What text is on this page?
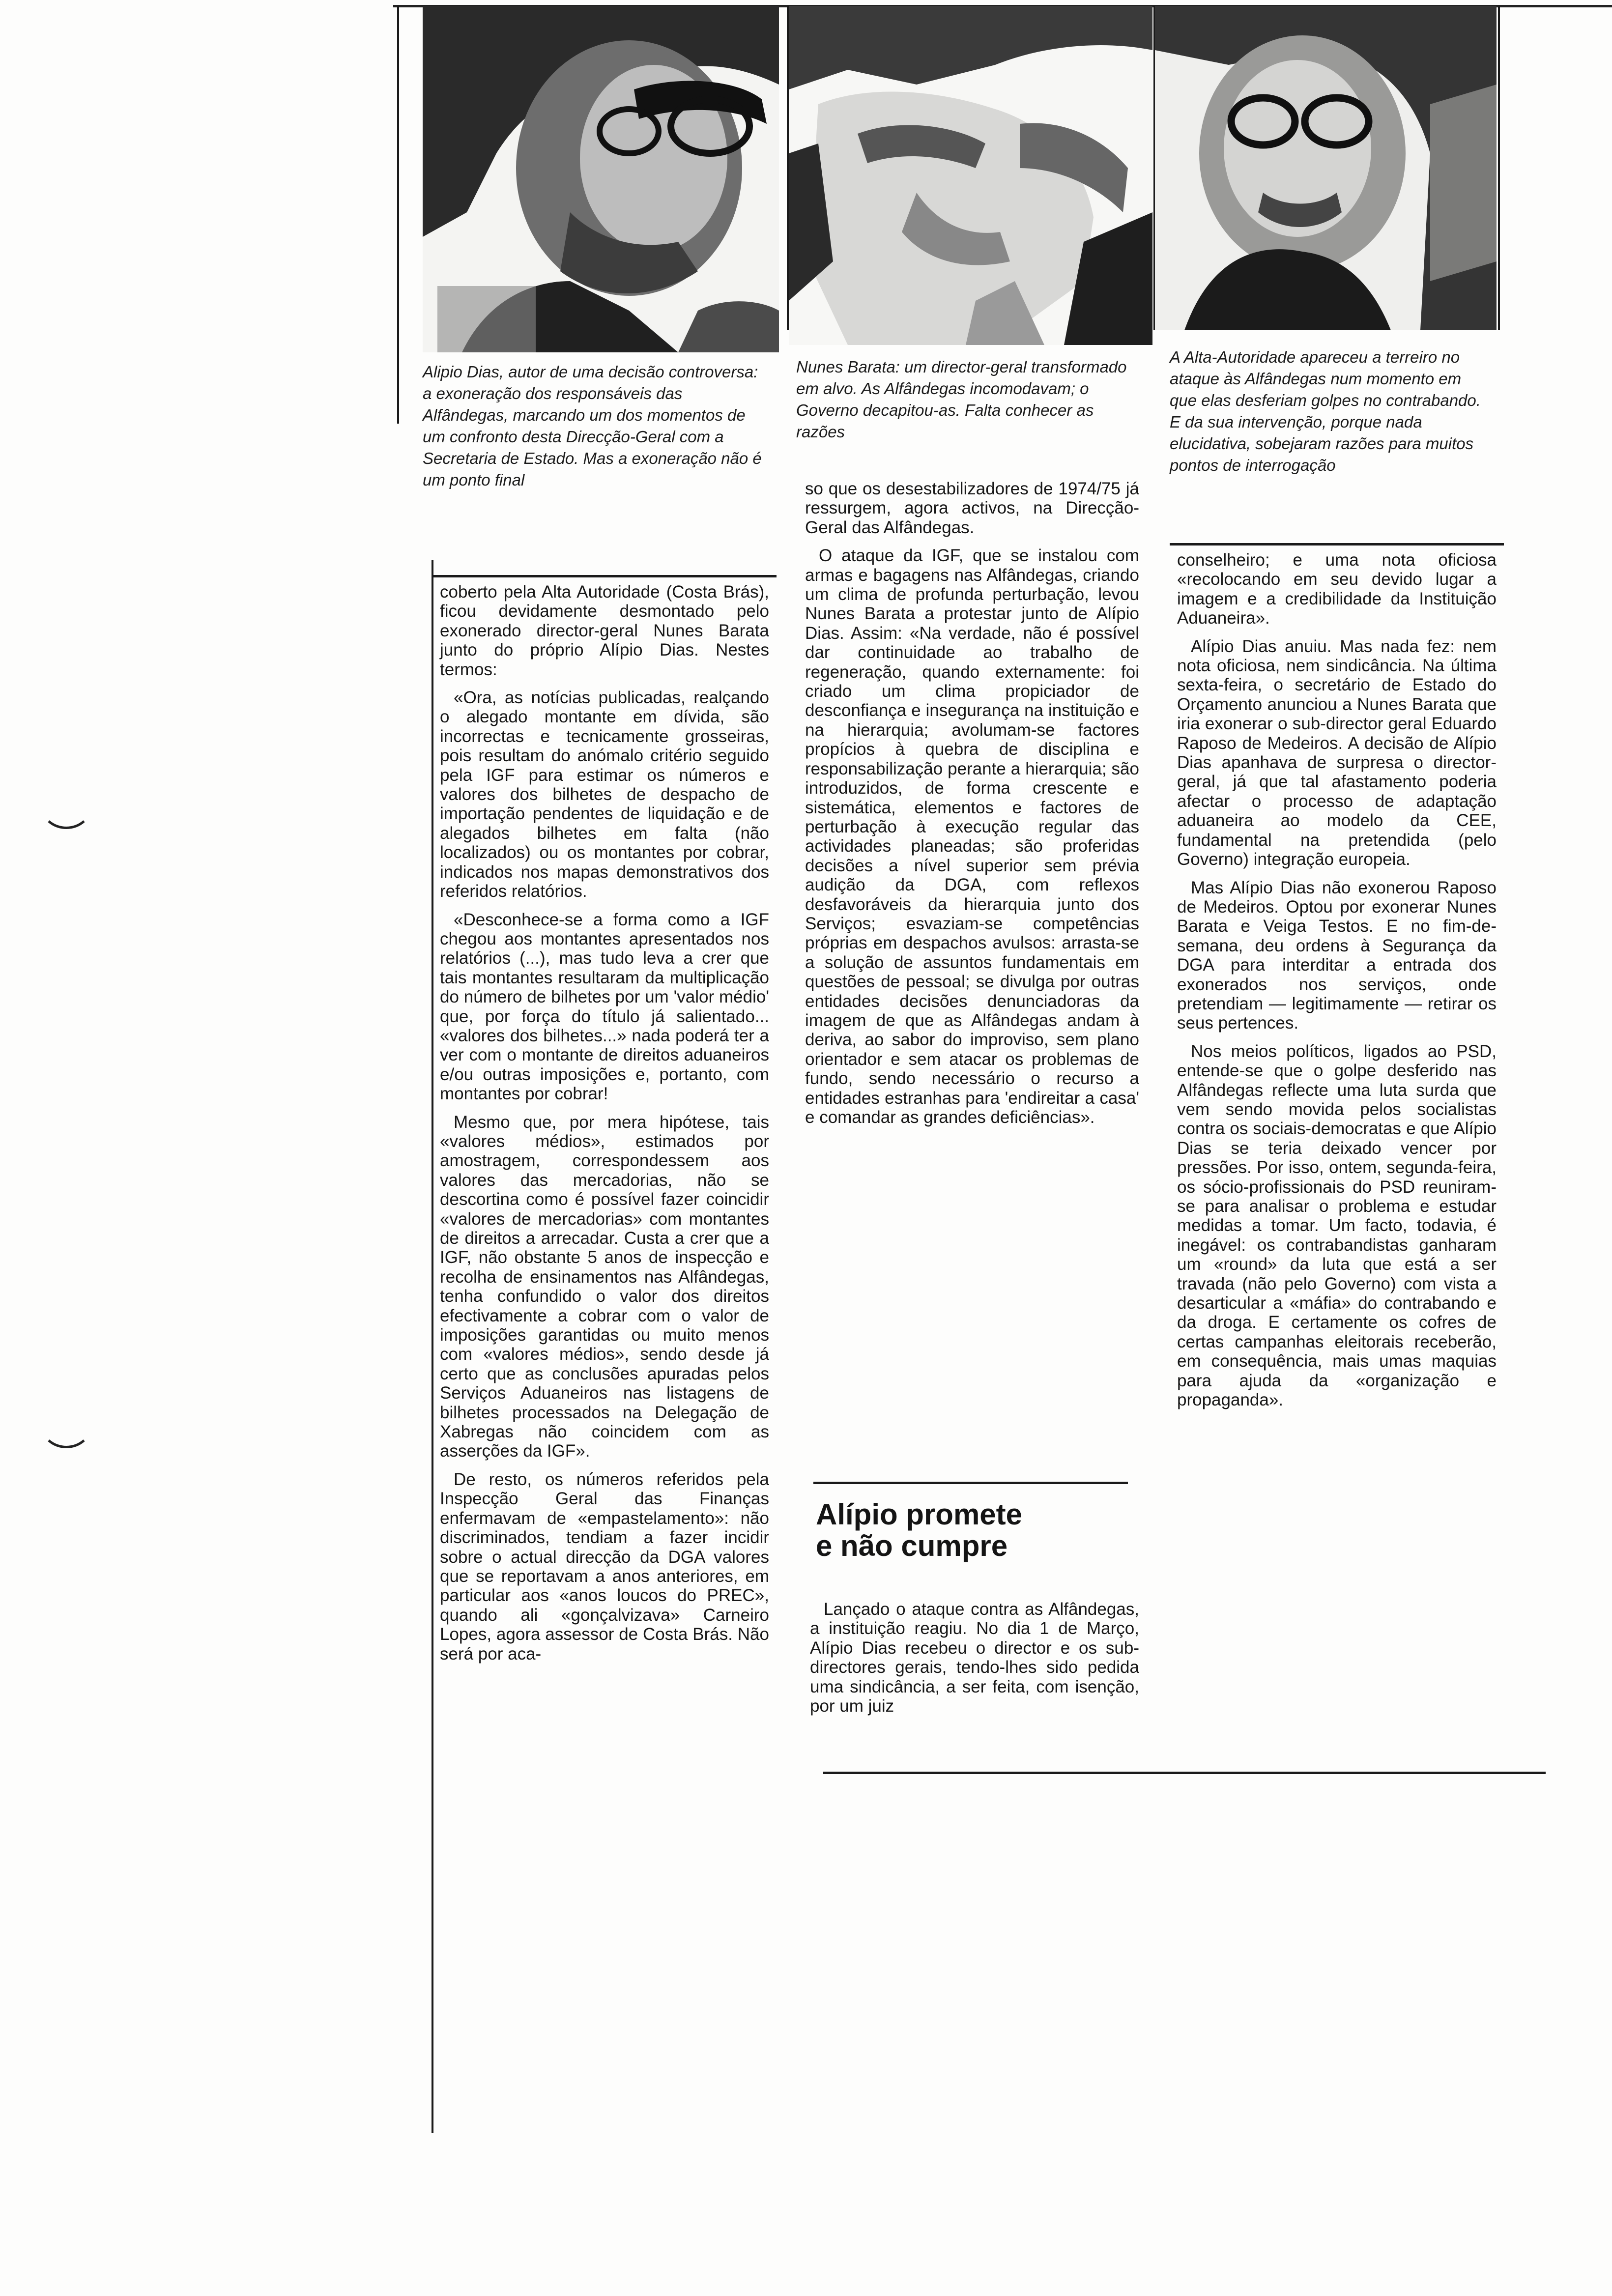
Alipio Dias, autor de uma decisão controversa: a exoneração dos responsáveis das Alfândegas, marcando um dos momentos de um confronto desta Direcção-Geral com a Secretaria de Estado. Mas a exoneração não é um ponto final

Nunes Barata: um director-geral transformado em alvo. As Alfândegas incomodavam; o Governo decapitou-as. Falta conhecer as razões

A Alta-Autoridade apareceu a terreiro no ataque às Alfândegas num momento em que elas desferiam golpes no contrabando. E da sua intervenção, porque nada elucidativa, sobejaram razões para muitos pontos de interrogação

coberto pela Alta Autoridade (Costa Brás), ficou devidamente desmontado pelo exonerado director-geral Nunes Barata junto do próprio Alípio Dias. Nestes termos:

«Ora, as notícias publicadas, realçando o alegado montante em dívida, são incorrectas e tecnicamente grosseiras, pois resultam do anómalo critério seguido pela IGF para estimar os números e valores dos bilhetes de despacho de importação pendentes de liquidação e de alegados bilhetes em falta (não localizados) ou os montantes por cobrar, indicados nos mapas demonstrativos dos referidos relatórios.

«Desconhece-se a forma como a IGF chegou aos montantes apresentados nos relatórios (...), mas tudo leva a crer que tais montantes resultaram da multiplicação do número de bilhetes por um 'valor médio' que, por força do título já salientado... «valores dos bilhetes...» nada poderá ter a ver com o montante de direitos aduaneiros e/ou outras imposições e, portanto, com montantes por cobrar!

Mesmo que, por mera hipótese, tais «valores médios», estimados por amostragem, correspondessem aos valores das mercadorias, não se descortina como é possível fazer coincidir «valores de mercadorias» com montantes de direitos a arrecadar. Custa a crer que a IGF, não obstante 5 anos de inspecção e recolha de ensinamentos nas Alfândegas, tenha confundido o valor dos direitos efectivamente a cobrar com o valor de imposições garantidas ou muito menos com «valores médios», sendo desde já certo que as conclusões apuradas pelos Serviços Aduaneiros nas listagens de bilhetes processados na Delegação de Xabregas não coincidem com as asserções da IGF».

De resto, os números referidos pela Inspecção Geral das Finanças enfermavam de «empastelamento»: não discriminados, tendiam a fazer incidir sobre o actual direcção da DGA valores que se reportavam a anos anteriores, em particular aos «anos loucos do PREC», quando ali «gonçalvizava» Carneiro Lopes, agora assessor de Costa Brás. Não será por aca-

so que os desestabilizadores de 1974/75 já ressurgem, agora activos, na Direcção-Geral das Alfândegas.

O ataque da IGF, que se instalou com armas e bagagens nas Alfândegas, criando um clima de profunda perturbação, levou Nunes Barata a protestar junto de Alípio Dias. Assim: «Na verdade, não é possível dar continuidade ao trabalho de regeneração, quando externamente: foi criado um clima propiciador de desconfiança e insegurança na instituição e na hierarquia; avolumam-se factores propícios à quebra de disciplina e responsabilização perante a hierarquia; são introduzidos, de forma crescente e sistemática, elementos e factores de perturbação à execução regular das actividades planeadas; são proferidas decisões a nível superior sem prévia audição da DGA, com reflexos desfavoráveis da hierarquia junto dos Serviços; esvaziam-se competências próprias em despachos avulsos: arrasta-se a solução de assuntos fundamentais em questões de pessoal; se divulga por outras entidades decisões denunciadoras da imagem de que as Alfândegas andam à deriva, ao sabor do improviso, sem plano orientador e sem atacar os problemas de fundo, sendo necessário o recurso a entidades estranhas para 'endireitar a casa' e comandar as grandes deficiências».

Alípio promete
e não cumpre

Lançado o ataque contra as Alfândegas, a instituição reagiu. No dia 1 de Março, Alípio Dias recebeu o director e os sub-directores gerais, tendo-lhes sido pedida uma sindicância, a ser feita, com isenção, por um juiz

conselheiro; e uma nota oficiosa «recolocando em seu devido lugar a imagem e a credibilidade da Instituição Aduaneira».

Alípio Dias anuiu. Mas nada fez: nem nota oficiosa, nem sindicância. Na última sexta-feira, o secretário de Estado do Orçamento anunciou a Nunes Barata que iria exonerar o sub-director geral Eduardo Raposo de Medeiros. A decisão de Alípio Dias apanhava de surpresa o director-geral, já que tal afastamento poderia afectar o processo de adaptação aduaneira ao modelo da CEE, fundamental na pretendida (pelo Governo) integração europeia.

Mas Alípio Dias não exonerou Raposo de Medeiros. Optou por exonerar Nunes Barata e Veiga Testos. E no fim-de-semana, deu ordens à Segurança da DGA para interditar a entrada dos exonerados nos serviços, onde pretendiam — legitimamente — retirar os seus pertences.

Nos meios políticos, ligados ao PSD, entende-se que o golpe desferido nas Alfândegas reflecte uma luta surda que vem sendo movida pelos socialistas contra os sociais-democratas e que Alípio Dias se teria deixado vencer por pressões. Por isso, ontem, segunda-feira, os sócio-profissionais do PSD reuniram-se para analisar o problema e estudar medidas a tomar. Um facto, todavia, é inegável: os contrabandistas ganharam um «round» da luta que está a ser travada (não pelo Governo) com vista a desarticular a «máfia» do contrabando e da droga. E certamente os cofres de certas campanhas eleitorais receberão, em consequência, mais umas maquias para ajuda da «organização e propaganda».
